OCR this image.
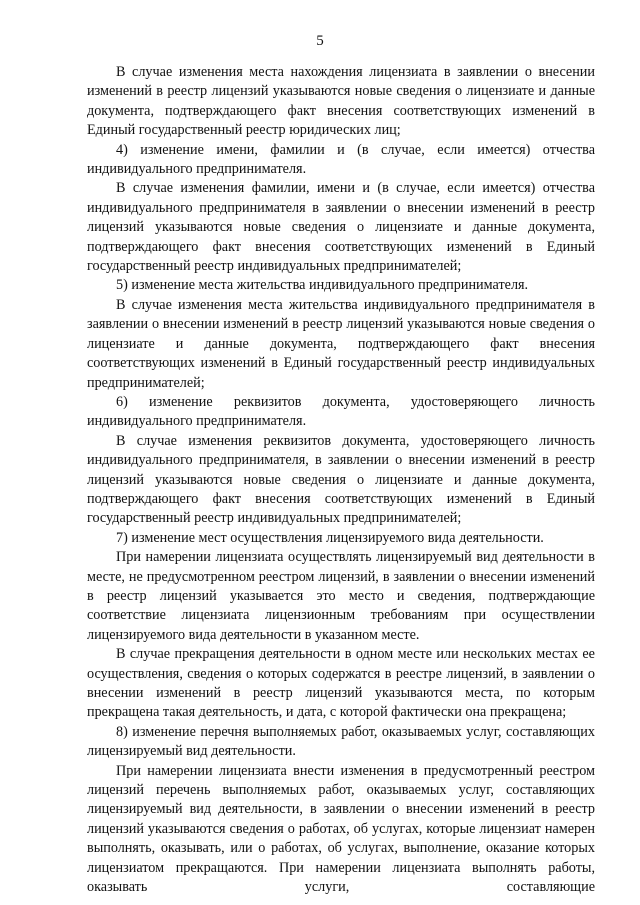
5

В случае изменения места нахождения лицензиата в заявлении о внесении изменений в реестр лицензий указываются новые сведения о лицензиате и данные документа, подтверждающего факт внесения соответствующих изменений в Единый государственный реестр юридических лиц;

4) изменение имени, фамилии и (в случае, если имеется) отчества индивидуального предпринимателя.

В случае изменения фамилии, имени и (в случае, если имеется) отчества индивидуального предпринимателя в заявлении о внесении изменений в реестр лицензий указываются новые сведения о лицензиате и данные документа, подтверждающего факт внесения соответствующих изменений в Единый государственный реестр индивидуальных предпринимателей;

5) изменение места жительства индивидуального предпринимателя.

В случае изменения места жительства индивидуального предпринимателя в заявлении о внесении изменений в реестр лицензий указываются новые сведения о лицензиате и данные документа, подтверждающего факт внесения соответствующих изменений в Единый государственный реестр индивидуальных предпринимателей;

6) изменение реквизитов документа, удостоверяющего личность индивидуального предпринимателя.

В случае изменения реквизитов документа, удостоверяющего личность индивидуального предпринимателя, в заявлении о внесении изменений в реестр лицензий указываются новые сведения о лицензиате и данные документа, подтверждающего факт внесения соответствующих изменений в Единый государственный реестр индивидуальных предпринимателей;

7) изменение мест осуществления лицензируемого вида деятельности.

При намерении лицензиата осуществлять лицензируемый вид деятельности в месте, не предусмотренном реестром лицензий, в заявлении о внесении изменений в реестр лицензий указывается это место и сведения, подтверждающие соответствие лицензиата лицензионным требованиям при осуществлении лицензируемого вида деятельности в указанном месте.

В случае прекращения деятельности в одном месте или нескольких местах ее осуществления, сведения о которых содержатся в реестре лицензий, в заявлении о внесении изменений в реестр лицензий указываются места, по которым прекращена такая деятельность, и дата, с которой фактически она прекращена;

8) изменение перечня выполняемых работ, оказываемых услуг, составляющих лицензируемый вид деятельности.

При намерении лицензиата внести изменения в предусмотренный реестром лицензий перечень выполняемых работ, оказываемых услуг, составляющих лицензируемый вид деятельности, в заявлении о внесении изменений в реестр лицензий указываются сведения о работах, об услугах, которые лицензиат намерен выполнять, оказывать, или о работах, об услугах, выполнение, оказание которых лицензиатом прекращаются. При намерении лицензиата выполнять работы, оказывать услуги, составляющие
